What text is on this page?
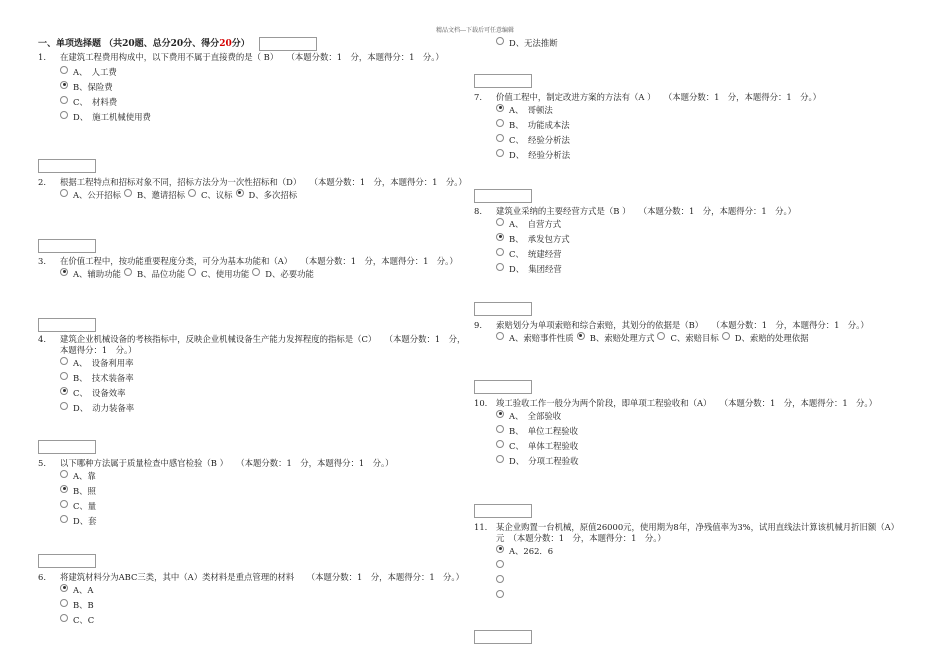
精品文档---下载后可任意编辑
一、单项选择题 （共20题、总分20分、得分20分）
1.	在建筑工程费用构成中，以下费用不属于直接费的是（ B）　　（本题分数：1　分，本题得分：1　分。）
A、　人工费
B、保险费
C、　材料费
D、　施工机械使用费
2.	根据工程特点和招标对象不同，招标方法分为一次性招标和（D）　　（本题分数：1　分，本题得分：1　分。）
A、公开招标 B、邀请招标 C、议标 D、多次招标
3.	在价值工程中，按功能重要程度分类，可分为基本功能和（A）　　（本题分数：1　分，本题得分：1　分。）
A、辅助功能 B、品位功能 C、使用功能 D、必要功能
4.	建筑企业机械设备的考核指标中，反映企业机械设备生产能力发挥程度的指标是（C）　　（本题分数：1　分，本题得分：1　分。）
A、　设备利用率
B、　技术装备率
C、　设备效率
D、　动力装备率
5.	以下哪种方法属于质量检查中感官检验（B ）　　（本题分数：1　分，本题得分：1　分。）
A、靠
B、照
C、量
D、套
6.	将建筑材料分为ABC三类，其中（A）类材料是重点管理的材料　　（本题分数：1　分，本题得分：1　分。）
A、A
B、B
C、C
D、无法推断
7.	价值工程中，制定改进方案的方法有（A ）　　（本题分数：1　分，本题得分：1　分。）
A、　哥顿法
B、　功能成本法
C、　经验分析法
D、　经验分析法
8.	建筑业采纳的主要经营方式是（B ）　　（本题分数：1　分，本题得分：1　分。）
A、　自营方式
B、　承发包方式
C、　统建经营
D、　集团经营
9.	索赔划分为单项索赔和综合索赔，其划分的依据是（B）　　（本题分数：1　分，本题得分：1　分。）
A、索赔事件性质 B、索赔处理方式 C、索赔目标 D、索赔的处理依据
10.	竣工验收工作一般分为两个阶段，即单项工程验收和（A）　　（本题分数：1　分，本题得分：1　分。）
A、　全部验收
B、　单位工程验收
C、　单体工程验收
D、　分项工程验收
11.	某企业购置一台机械，原值26000元，使用期为8年，净残值率为3%，试用直线法计算该机械月折旧额（A）元　（本题分数：1　分，本题得分：1　分。）
A、262．6
